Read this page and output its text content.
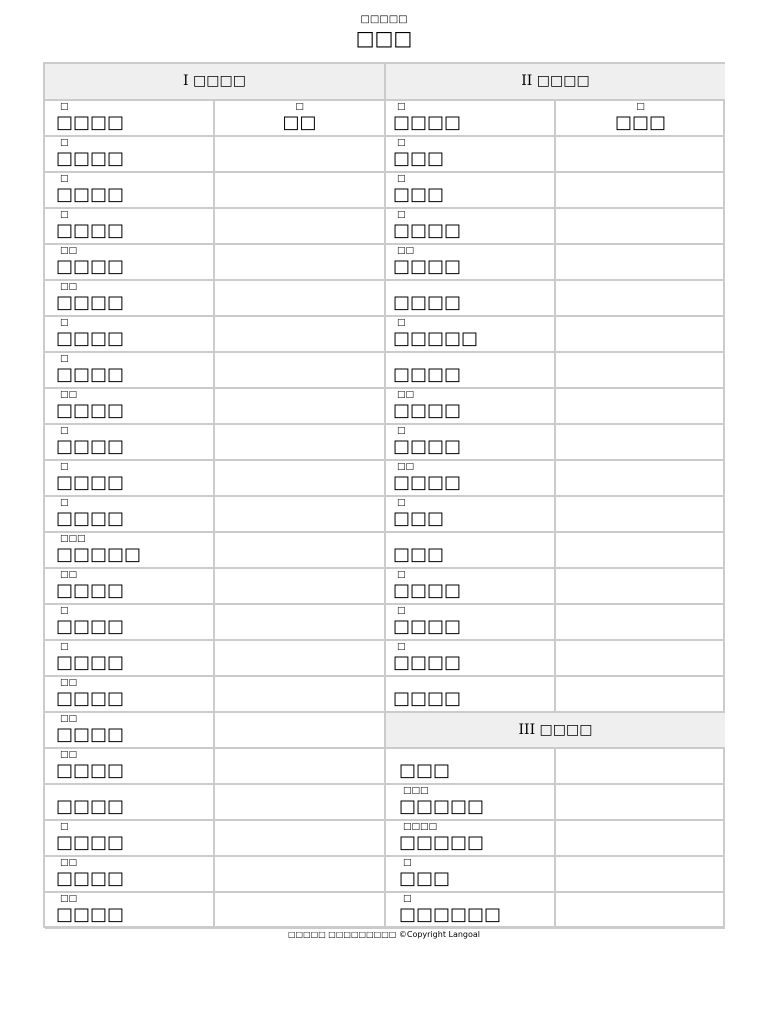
□□□□□
□□□
I □□□□	II □□□□
□
□□□□
□
□□
□
□□□□
□
□□□□
□
□□□□
□□
□□□□
□□
□□□□
□
□□□□
□
□□□□
□□
□□□□
□
□□□□
□
□□□□
□
□□□□
□□□
□□□□□
□□
□□□□
□
□□□□
□
□□□□
□□
□□□□
□□
□□□□
□□
□□□□
□□□□
□
□□□□
□□
□□□□
□□
□□□□
□
□□□□
□
□□□
□
□□□
□
□□□
□
□□□□
□□
□□□□
□□□□
□
□□□□□
□□□□
□□
□□□□
□
□□□□
□□
□□□□
□
□□□
□□□
□
□□□□
□
□□□□
□
□□□□
□□□□
III □□□□
□□□
□□□
□□□□□
□□□□
□□□□□
□
□□□
□
□□□□□□
□□□□□ □□□□□□□□□ ©Copyright Langoal
